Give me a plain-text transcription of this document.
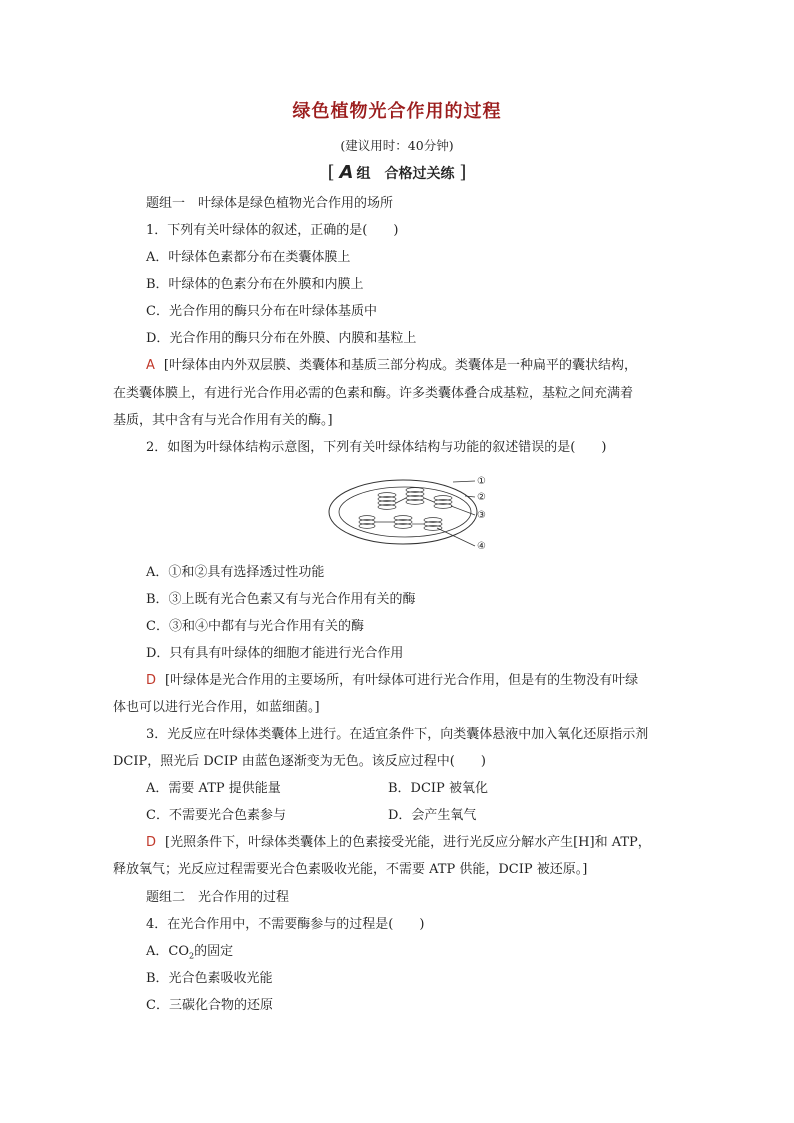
绿色植物光合作用的过程
(建议用时：40分钟)
[ A 组　合格过关练 ]
题组一　叶绿体是绿色植物光合作用的场所
1．下列有关叶绿体的叙述，正确的是(　　)
A．叶绿体色素都分布在类囊体膜上
B．叶绿体的色素分布在外膜和内膜上
C．光合作用的酶只分布在叶绿体基质中
D．光合作用的酶只分布在外膜、内膜和基粒上
A [叶绿体由内外双层膜、类囊体和基质三部分构成。类囊体是一种扁平的囊状结构，
在类囊体膜上，有进行光合作用必需的色素和酶。许多类囊体叠合成基粒，基粒之间充满着
基质，其中含有与光合作用有关的酶。]
2．如图为叶绿体结构示意图，下列有关叶绿体结构与功能的叙述错误的是(　　)
①
②
③
④
A．①和②具有选择透过性功能
B．③上既有光合色素又有与光合作用有关的酶
C．③和④中都有与光合作用有关的酶
D．只有具有叶绿体的细胞才能进行光合作用
D [叶绿体是光合作用的主要场所，有叶绿体可进行光合作用，但是有的生物没有叶绿
体也可以进行光合作用，如蓝细菌。]
3．光反应在叶绿体类囊体上进行。在适宜条件下，向类囊体悬液中加入氧化还原指示剂
DCIP，照光后 DCIP 由蓝色逐渐变为无色。该反应过程中(　　)
A．需要 ATP 提供能量	B．DCIP 被氧化
C．不需要光合色素参与	D．会产生氧气
D [光照条件下，叶绿体类囊体上的色素接受光能，进行光反应分解水产生[H]和 ATP，
释放氧气；光反应过程需要光合色素吸收光能，不需要 ATP 供能，DCIP 被还原。]
题组二　光合作用的过程
4．在光合作用中，不需要酶参与的过程是(　　)
A．$CO_2$的固定
B．光合色素吸收光能
C．三碳化合物的还原
